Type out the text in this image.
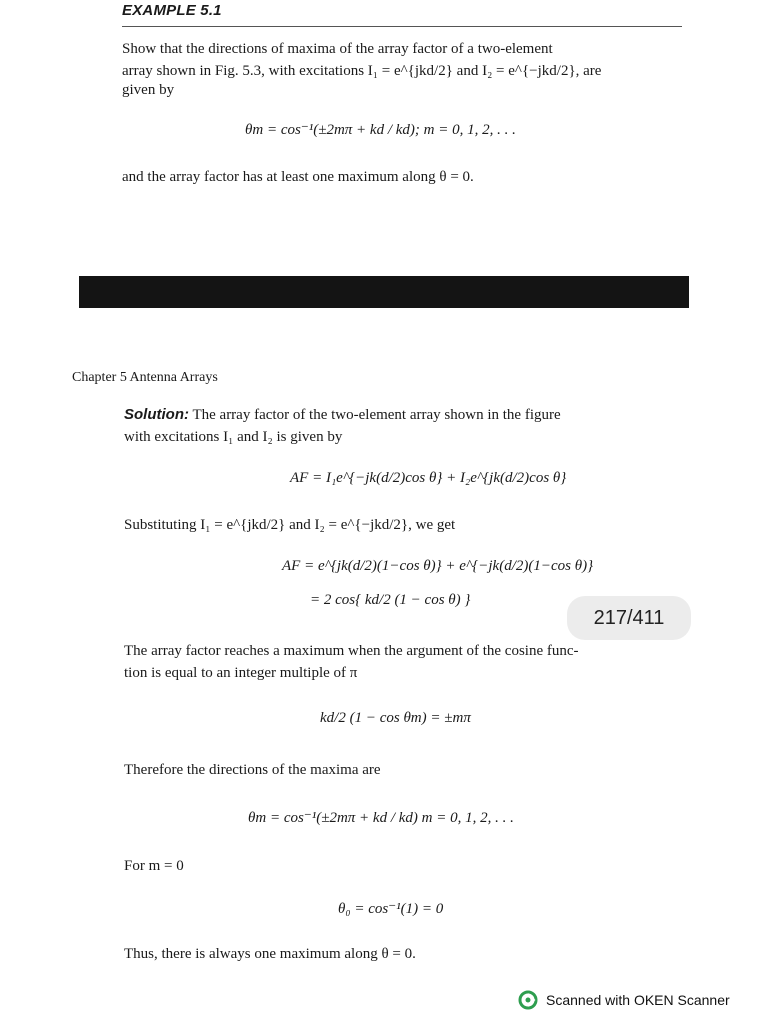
EXAMPLE 5.1
Show that the directions of maxima of the array factor of a two-element
array shown in Fig. 5.3, with excitations I₁ = e^{jkd/2} and I₂ = e^{−jkd/2}, are
given by
θm = cos⁻¹(±2mπ + kd / kd); m = 0, 1, 2, . . .
and the array factor has at least one maximum along θ = 0.
Chapter 5 Antenna Arrays
Solution: The array factor of the two-element array shown in the figure
with excitations I₁ and I₂ is given by
AF = I₁e^{−jk(d/2)cos θ} + I₂e^{jk(d/2)cos θ}
Substituting I₁ = e^{jkd/2} and I₂ = e^{−jkd/2}, we get
AF = e^{jk(d/2)(1−cos θ)} + e^{−jk(d/2)(1−cos θ)}
= 2 cos{ kd/2 (1 − cos θ) }
The array factor reaches a maximum when the argument of the cosine func-
tion is equal to an integer multiple of π
kd/2 (1 − cos θm) = ±mπ
Therefore the directions of the maxima are
θm = cos⁻¹(±2mπ + kd / kd) m = 0, 1, 2, . . .
For m = 0
θ₀ = cos⁻¹(1) = 0
Thus, there is always one maximum along θ = 0.
217/411
Scanned with OKEN Scanner
